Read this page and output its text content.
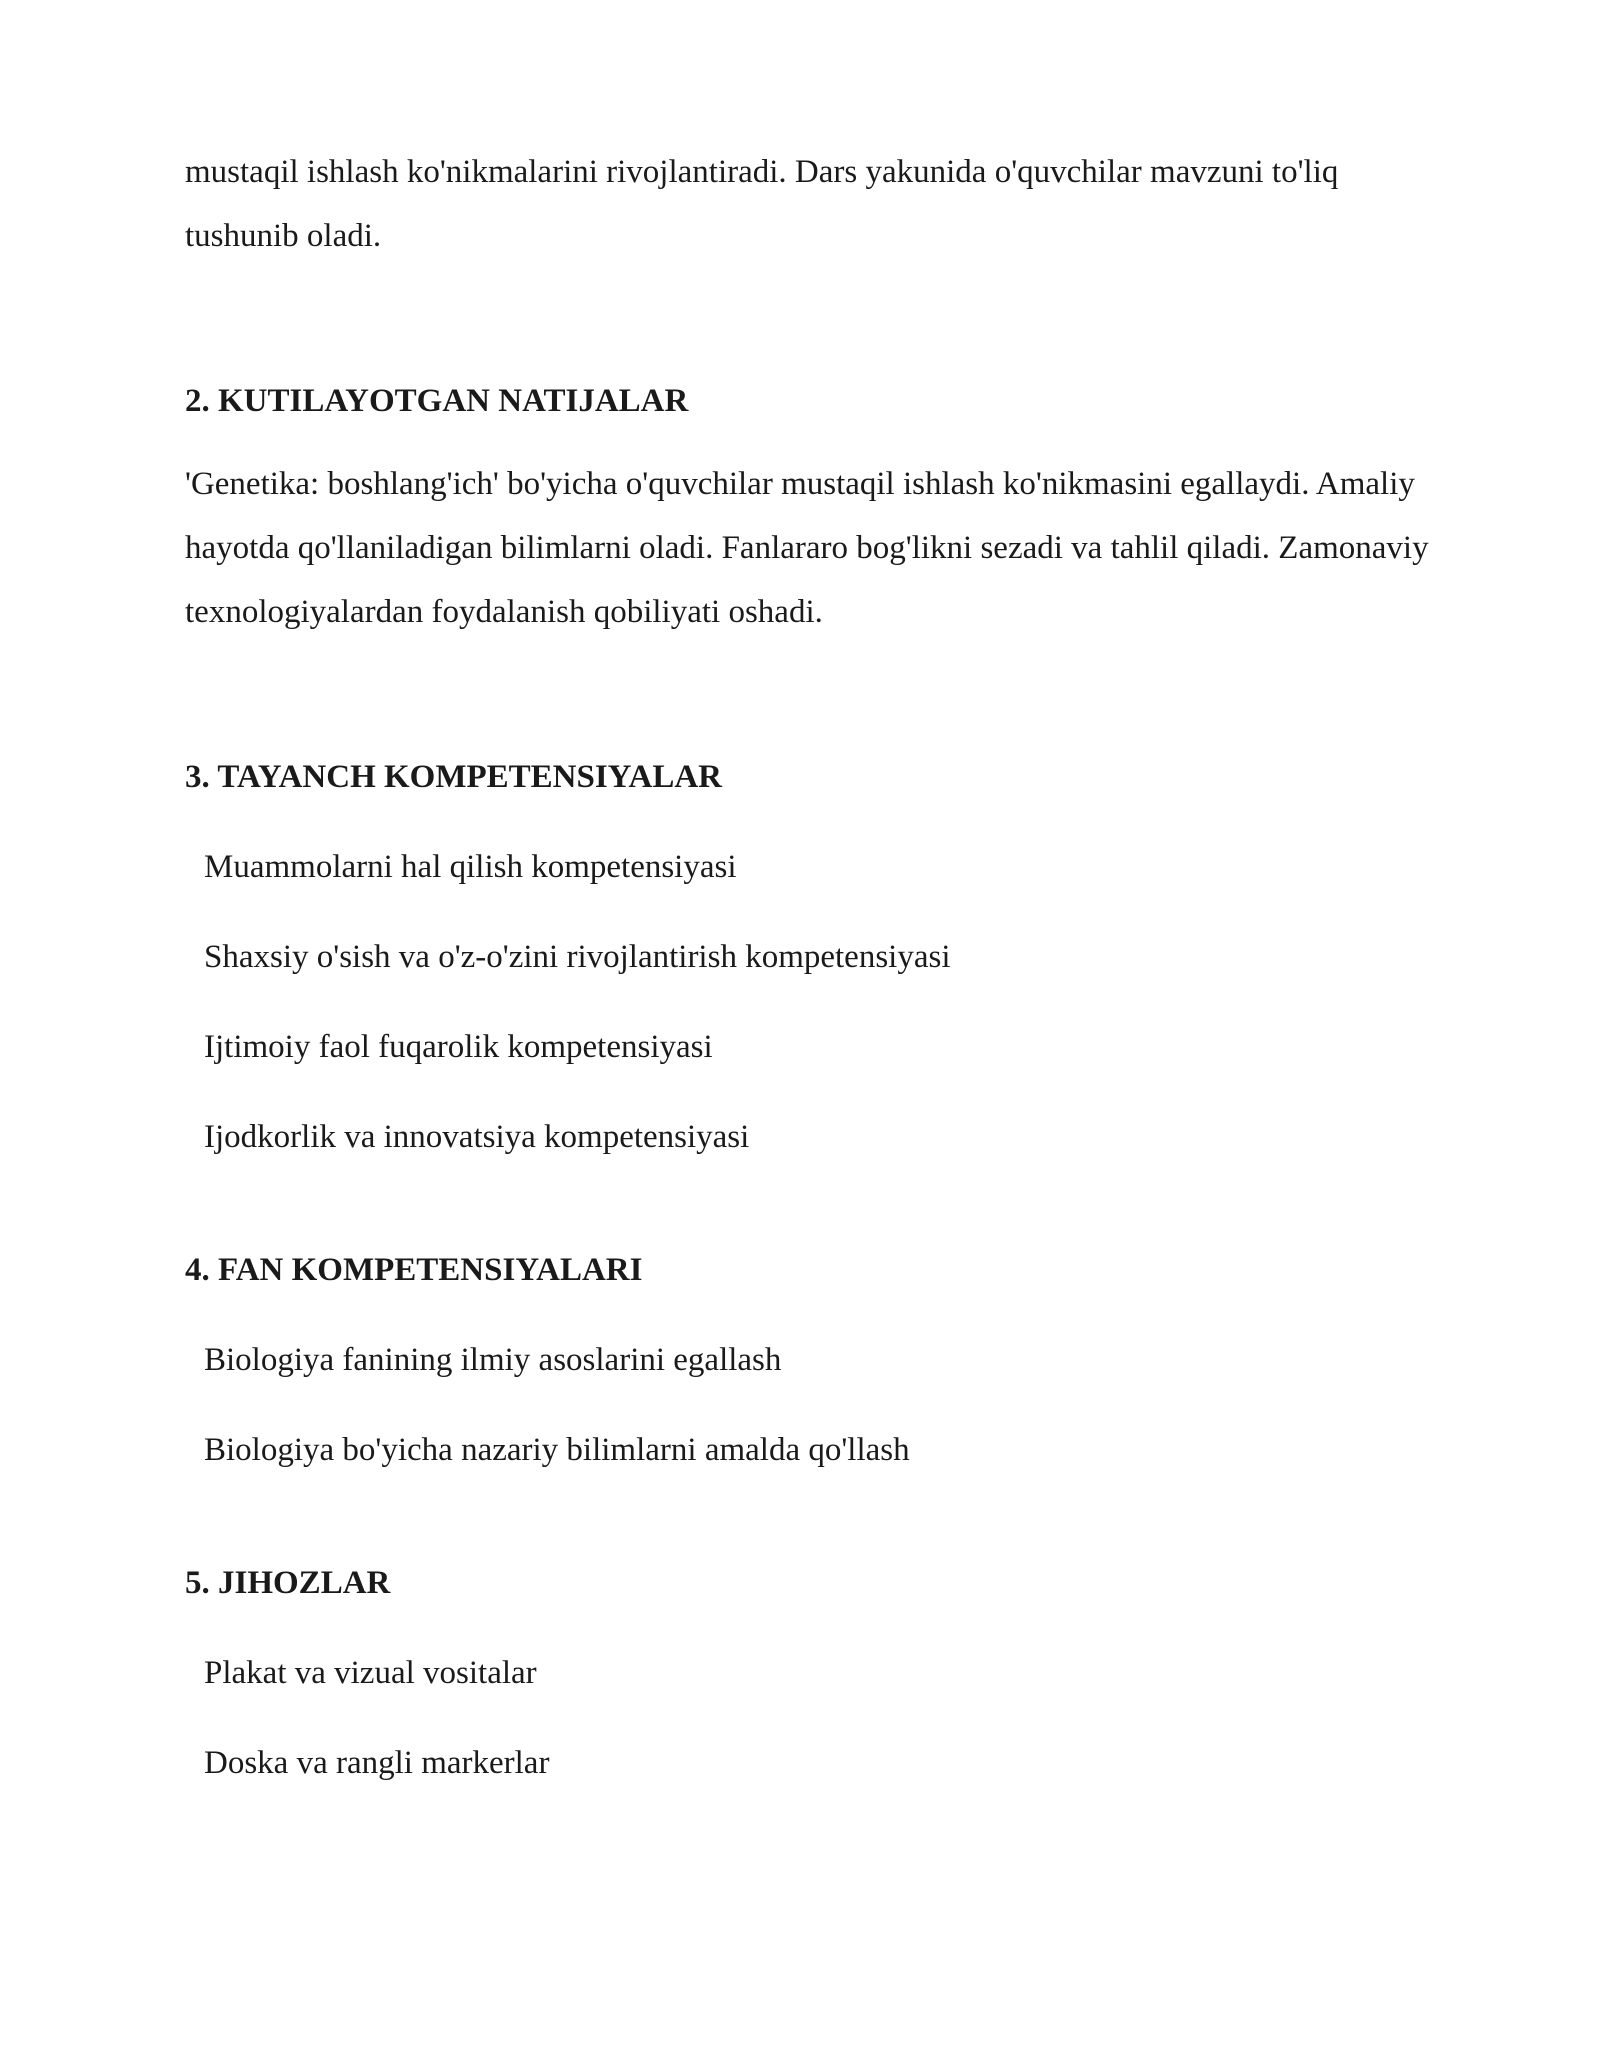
mustaqil ishlash ko'nikmalarini rivojlantiradi. Dars yakunida o'quvchilar mavzuni to'liq tushunib oladi.

2. KUTILAYOTGAN NATIJALAR

'Genetika: boshlang'ich' bo'yicha o'quvchilar mustaqil ishlash ko'nikmasini egallaydi. Amaliy hayotda qo'llaniladigan bilimlarni oladi. Fanlararo bog'likni sezadi va tahlil qiladi. Zamonaviy texnologiyalardan foydalanish qobiliyati oshadi.

3. TAYANCH KOMPETENSIYALAR
Muammolarni hal qilish kompetensiyasi
Shaxsiy o'sish va o'z-o'zini rivojlantirish kompetensiyasi
Ijtimoiy faol fuqarolik kompetensiyasi
Ijodkorlik va innovatsiya kompetensiyasi
4. FAN KOMPETENSIYALARI
Biologiya fanining ilmiy asoslarini egallash
Biologiya bo'yicha nazariy bilimlarni amalda qo'llash
5. JIHOZLAR
Plakat va vizual vositalar
Doska va rangli markerlar
